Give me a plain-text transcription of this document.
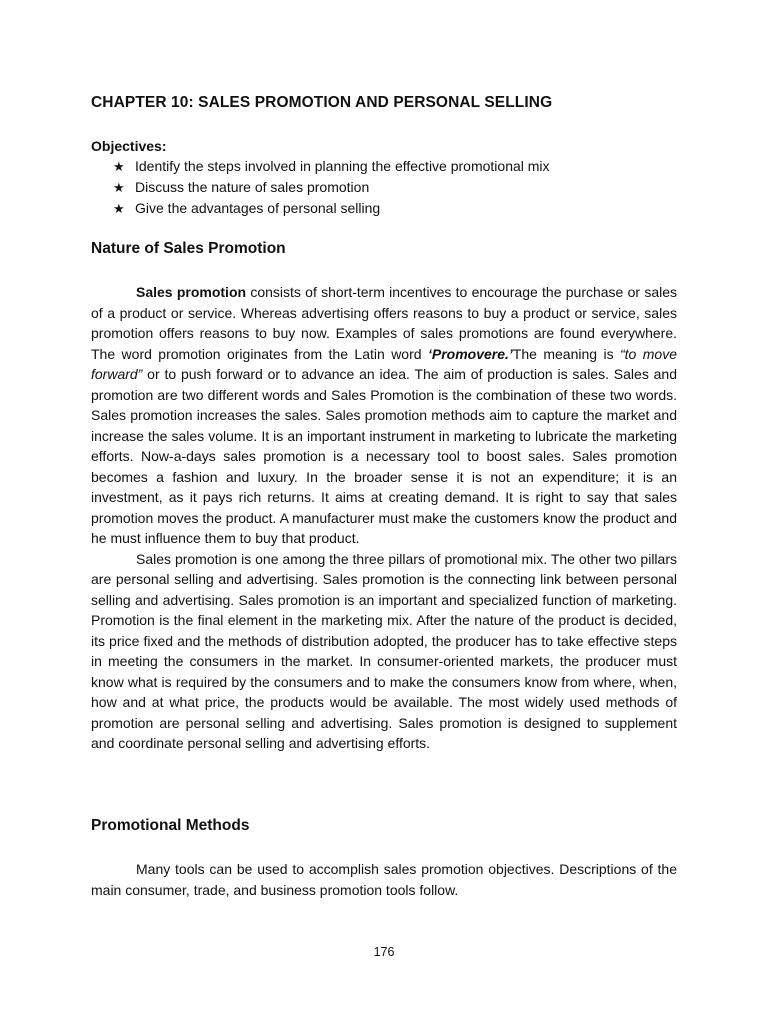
CHAPTER 10: SALES PROMOTION AND PERSONAL SELLING
Objectives:
★ Identify the steps involved in planning the effective promotional mix
★ Discuss the nature of sales promotion
★ Give the advantages of personal selling
Nature of Sales Promotion

Sales promotion consists of short-term incentives to encourage the purchase or sales of a product or service. Whereas advertising offers reasons to buy a product or service, sales promotion offers reasons to buy now. Examples of sales promotions are found everywhere. The word promotion originates from the Latin word ‘Promovere.’The meaning is “to move forward” or to push forward or to advance an idea. The aim of production is sales. Sales and promotion are two different words and Sales Promotion is the combination of these two words. Sales promotion increases the sales. Sales promotion methods aim to capture the market and increase the sales volume. It is an important instrument in marketing to lubricate the marketing efforts. Now-a-days sales promotion is a necessary tool to boost sales. Sales promotion becomes a fashion and luxury. In the broader sense it is not an expenditure; it is an investment, as it pays rich returns. It aims at creating demand. It is right to say that sales promotion moves the product. A manufacturer must make the customers know the product and he must influence them to buy that product.

Sales promotion is one among the three pillars of promotional mix. The other two pillars are personal selling and advertising. Sales promotion is the connecting link between personal selling and advertising. Sales promotion is an important and specialized function of marketing. Promotion is the final element in the marketing mix. After the nature of the product is decided, its price fixed and the methods of distribution adopted, the producer has to take effective steps in meeting the consumers in the market. In consumer-oriented markets, the producer must know what is required by the consumers and to make the consumers know from where, when, how and at what price, the products would be available. The most widely used methods of promotion are personal selling and advertising. Sales promotion is designed to supplement and coordinate personal selling and advertising efforts.

Promotional Methods

Many tools can be used to accomplish sales promotion objectives. Descriptions of the main consumer, trade, and business promotion tools follow.

176
